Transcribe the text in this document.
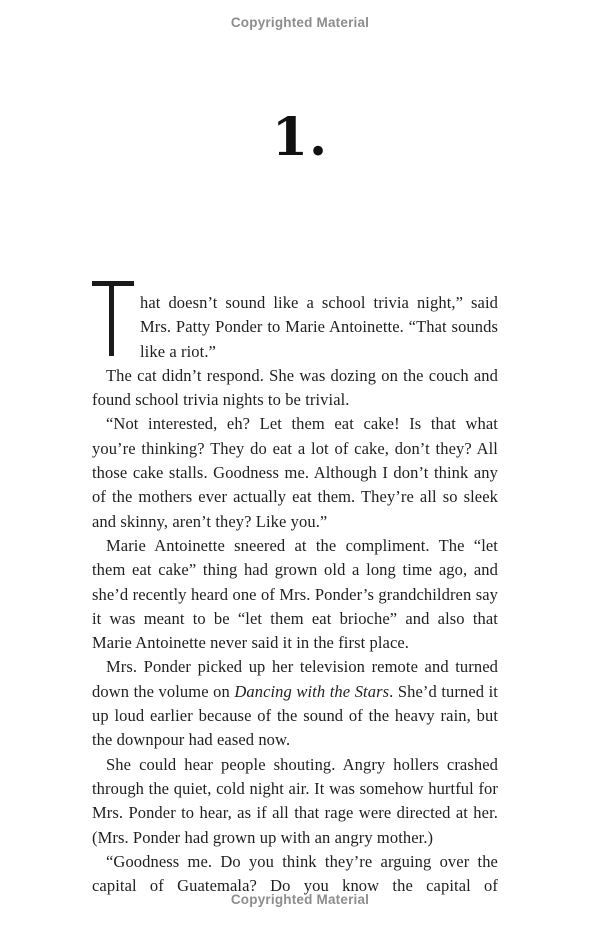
Copyrighted Material
1.

hat doesn’t sound like a school trivia night,” said Mrs. Patty Ponder to Marie Antoinette. “That sounds like a riot.”

The cat didn’t respond. She was dozing on the couch and found school trivia nights to be trivial.

“Not interested, eh? Let them eat cake! Is that what you’re thinking? They do eat a lot of cake, don’t they? All those cake stalls. Goodness me. Although I don’t think any of the mothers ever actually eat them. They’re all so sleek and skinny, aren’t they? Like you.”

Marie Antoinette sneered at the compliment. The “let them eat cake” thing had grown old a long time ago, and she’d recently heard one of Mrs. Ponder’s grandchildren say it was meant to be “let them eat brioche” and also that Marie Antoinette never said it in the first place.

Mrs. Ponder picked up her television remote and turned down the volume on Dancing with the Stars. She’d turned it up loud earlier because of the sound of the heavy rain, but the downpour had eased now.

She could hear people shouting. Angry hollers crashed through the quiet, cold night air. It was somehow hurtful for Mrs. Ponder to hear, as if all that rage were directed at her. (Mrs. Ponder had grown up with an angry mother.)

“Goodness me. Do you think they’re arguing over the capital of Guatemala? Do you know the capital of

Copyrighted Material
